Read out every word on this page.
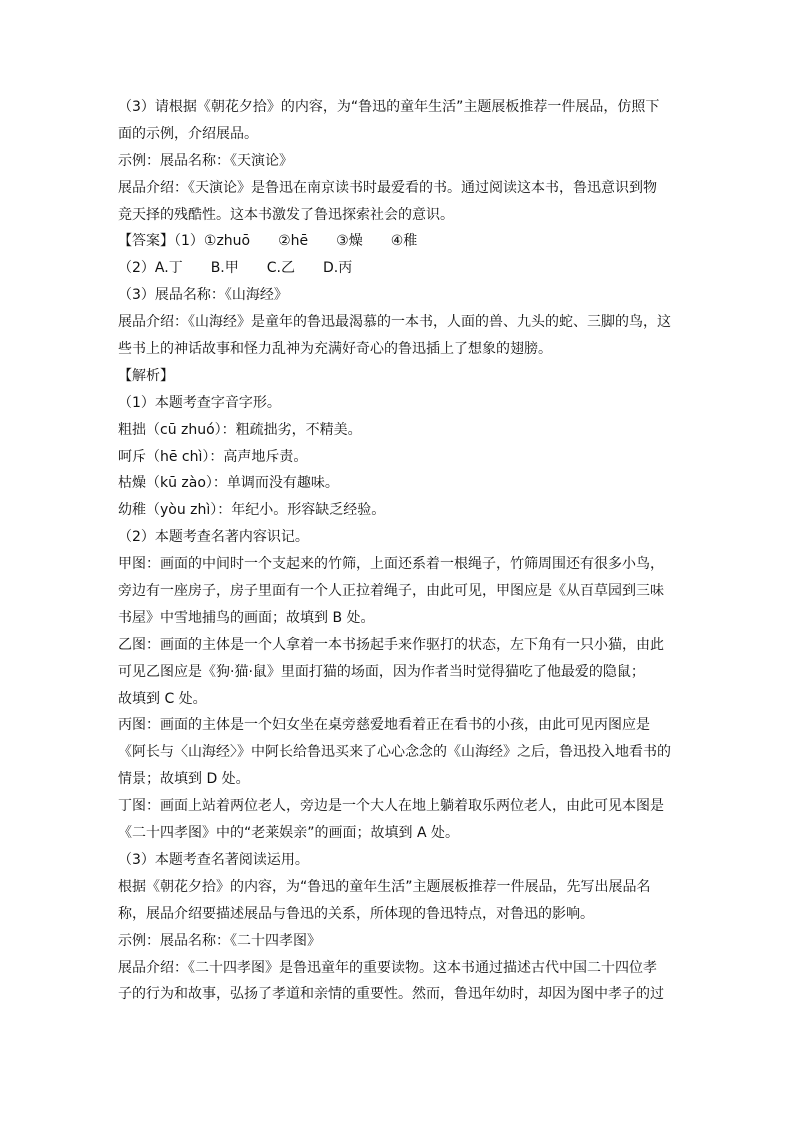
（3）请根据《朝花夕拾》的内容，为“鲁迅的童年生活”主题展板推荐一件展品，仿照下
面的示例，介绍展品。
示例：展品名称：《天演论》
展品介绍：《天演论》是鲁迅在南京读书时最爱看的书。通过阅读这本书，鲁迅意识到物
竞天择的残酷性。这本书激发了鲁迅探索社会的意识。
【答案】（1）①zhuō　　②hē　　③燥　　④稚
（2）A.丁　　B.甲　　C.乙　　D.丙
（3）展品名称：《山海经》
展品介绍：《山海经》是童年的鲁迅最渴慕的一本书，人面的兽、九头的蛇、三脚的鸟，这
些书上的神话故事和怪力乱神为充满好奇心的鲁迅插上了想象的翅膀。
【解析】
（1）本题考查字音字形。
粗拙（cū zhuó）：粗疏拙劣，不精美。
呵斥（hē chì）：高声地斥责。
枯燥（kū zào）：单调而没有趣味。
幼稚（yòu zhì）：年纪小。形容缺乏经验。
（2）本题考查名著内容识记。
甲图：画面的中间时一个支起来的竹筛，上面还系着一根绳子，竹筛周围还有很多小鸟，
旁边有一座房子，房子里面有一个人正拉着绳子，由此可见，甲图应是《从百草园到三味
书屋》中雪地捕鸟的画面；故填到 B 处。
乙图：画面的主体是一个人拿着一本书扬起手来作驱打的状态，左下角有一只小猫，由此
可见乙图应是《狗·猫·鼠》里面打猫的场面，因为作者当时觉得猫吃了他最爱的隐鼠；
故填到 C 处。
丙图：画面的主体是一个妇女坐在桌旁慈爱地看着正在看书的小孩，由此可见丙图应是
《阿长与〈山海经〉》中阿长给鲁迅买来了心心念念的《山海经》之后，鲁迅投入地看书的
情景；故填到 D 处。
丁图：画面上站着两位老人，旁边是一个大人在地上躺着取乐两位老人，由此可见本图是
《二十四孝图》中的“老莱娱亲”的画面；故填到 A 处。
（3）本题考查名著阅读运用。
根据《朝花夕拾》的内容，为“鲁迅的童年生活”主题展板推荐一件展品，先写出展品名
称，展品介绍要描述展品与鲁迅的关系，所体现的鲁迅特点，对鲁迅的影响。
示例：展品名称：《二十四孝图》
展品介绍：《二十四孝图》是鲁迅童年的重要读物。这本书通过描述古代中国二十四位孝
子的行为和故事，弘扬了孝道和亲情的重要性。然而，鲁迅年幼时，却因为图中孝子的过
